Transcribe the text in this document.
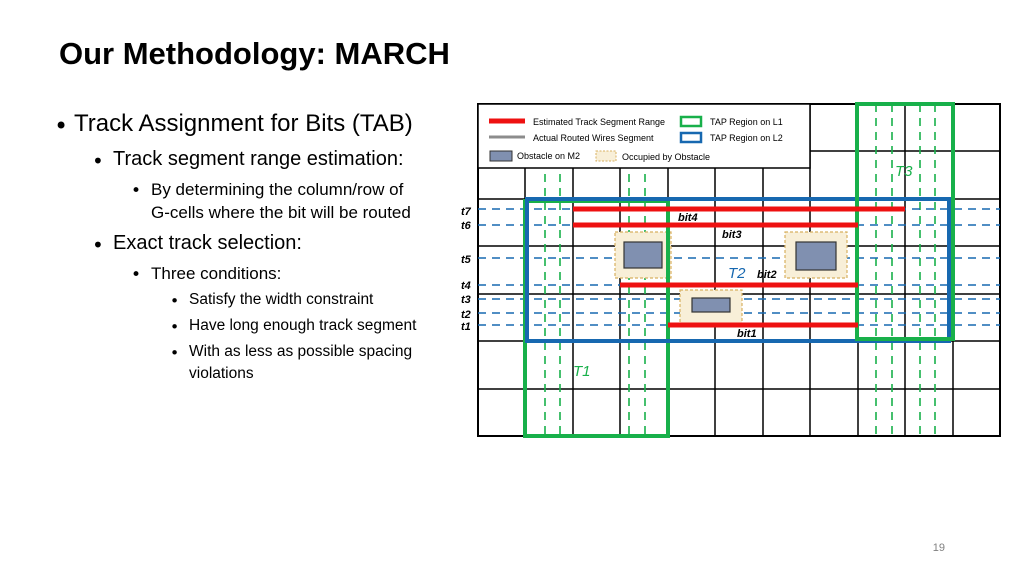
Our Methodology: MARCH
• Track Assignment for Bits (TAB)
• Track segment range estimation:
• By determining the column/row of
G-cells where the bit will be routed
• Exact track selection:
• Three conditions:
• Satisfy the width constraint
• Have long enough track segment
• With as less as possible spacing
violations
bit4
bit3
bit2
bit1
T3
T2
T1
t7
t6
t5
t4
t3
t2
t1
Estimated Track Segment Range
Actual Routed Wires Segment
Obstacle on M2	Occupied by Obstacle
TAP Region on L1
TAP Region on L2
19
